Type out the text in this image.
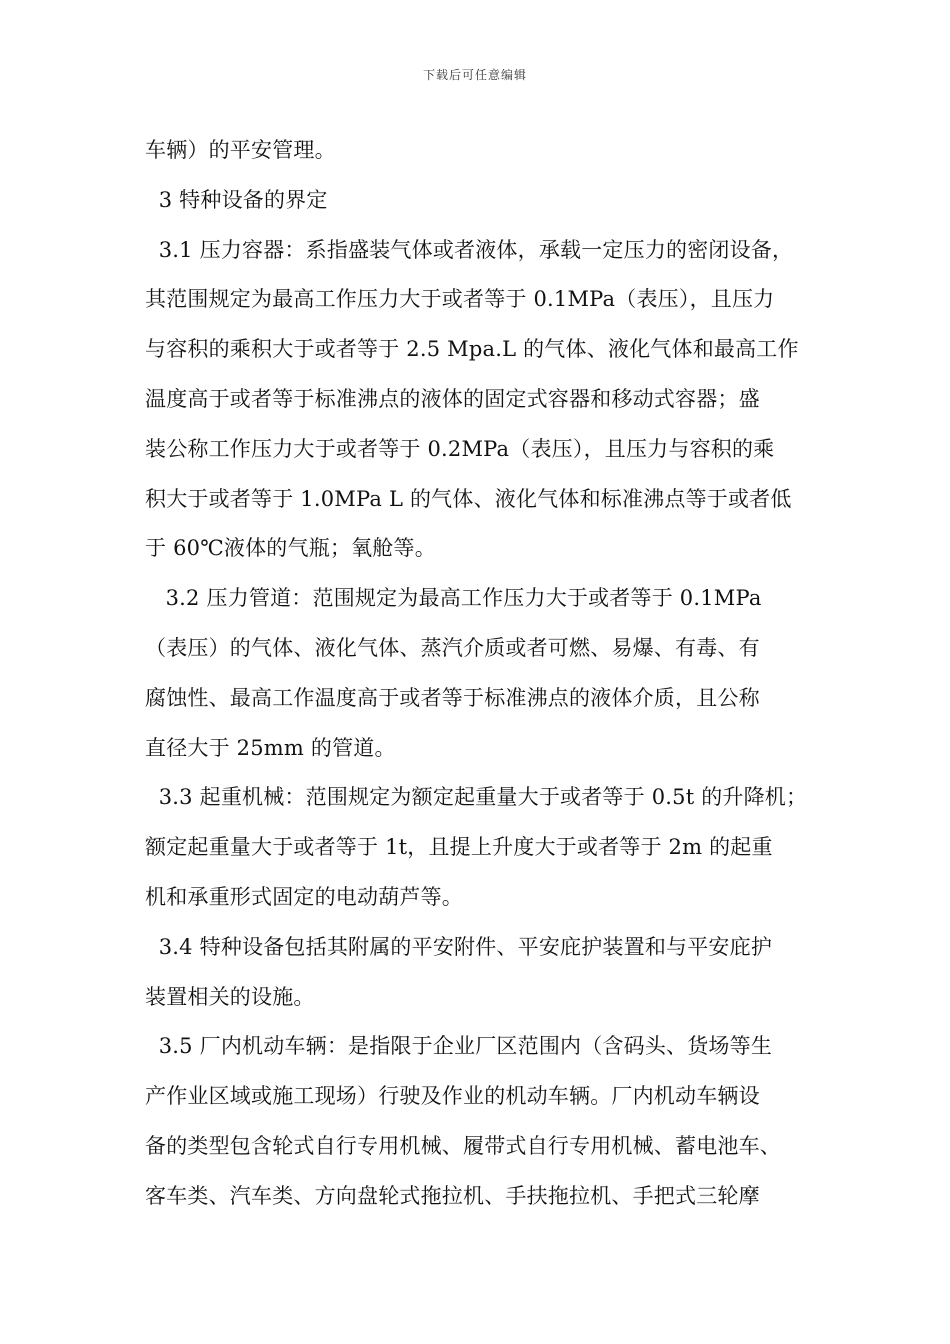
下载后可任意编辑
车辆）的平安管理。
3 特种设备的界定
3.1 压力容器：系指盛装气体或者液体，承载一定压力的密闭设备，
其范围规定为最高工作压力大于或者等于 0.1MPa（表压），且压力
与容积的乘积大于或者等于 2.5 Mpa.L 的气体、液化气体和最高工作
温度高于或者等于标准沸点的液体的固定式容器和移动式容器；盛
装公称工作压力大于或者等于 0.2MPa（表压），且压力与容积的乘
积大于或者等于 1.0MPa L 的气体、液化气体和标准沸点等于或者低
于 60℃液体的气瓶；氧舱等。
3.2 压力管道：范围规定为最高工作压力大于或者等于 0.1MPa
（表压）的气体、液化气体、蒸汽介质或者可燃、易爆、有毒、有
腐蚀性、最高工作温度高于或者等于标准沸点的液体介质，且公称
直径大于 25mm 的管道。
3.3 起重机械：范围规定为额定起重量大于或者等于 0.5t 的升降机；
额定起重量大于或者等于 1t，且提上升度大于或者等于 2m 的起重
机和承重形式固定的电动葫芦等。
3.4 特种设备包括其附属的平安附件、平安庇护装置和与平安庇护
装置相关的设施。
3.5 厂内机动车辆：是指限于企业厂区范围内（含码头、货场等生
产作业区域或施工现场）行驶及作业的机动车辆。厂内机动车辆设
备的类型包含轮式自行专用机械、履带式自行专用机械、蓄电池车、
客车类、汽车类、方向盘轮式拖拉机、手扶拖拉机、手把式三轮摩
